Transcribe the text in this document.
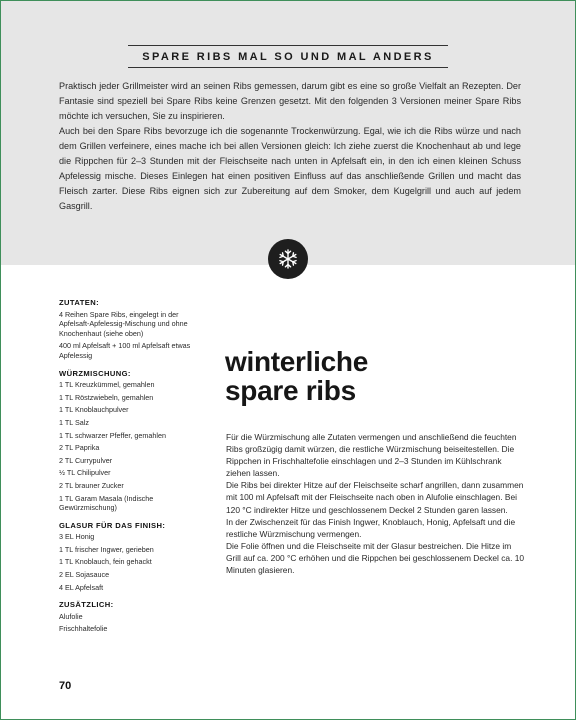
SPARE RIBS MAL SO UND MAL ANDERS

Praktisch jeder Grillmeister wird an seinen Ribs gemessen, darum gibt es eine so große Vielfalt an Rezepten. Der Fantasie sind speziell bei Spare Ribs keine Grenzen gesetzt. Mit den folgenden 3 Versionen meiner Spare Ribs möchte ich versuchen, Sie zu inspirieren.

Auch bei den Spare Ribs bevorzuge ich die sogenannte Trockenwürzung. Egal, wie ich die Ribs würze und nach dem Grillen verfeinere, eines mache ich bei allen Versionen gleich: Ich ziehe zuerst die Knochenhaut ab und lege die Rippchen für 2–3 Stunden mit der Fleischseite nach unten in Apfelsaft ein, in den ich einen kleinen Schuss Apfelessig mische. Dieses Einlegen hat einen positiven Einfluss auf das anschließende Grillen und macht das Fleisch zarter. Diese Ribs eignen sich zur Zubereitung auf dem Smoker, dem Kugelgrill und auch auf jedem Gasgrill.

ZUTATEN:
4 Reihen Spare Ribs, eingelegt in der Apfelsaft-Apfelessig-Mischung und ohne Knochenhaut (siehe oben)
400 ml Apfelsaft + 100 ml Apfelsaft etwas Apfelessig
WÜRZMISCHUNG:
1 TL Kreuzkümmel, gemahlen
1 TL Röstzwiebeln, gemahlen
1 TL Knoblauchpulver
1 TL Salz
1 TL schwarzer Pfeffer, gemahlen
2 TL Paprika
2 TL Currypulver
½ TL Chilipulver
2 TL brauner Zucker
1 TL Garam Masala (Indische Gewürzmischung)
GLASUR FÜR DAS FINISH:
3 EL Honig
1 TL frischer Ingwer, gerieben
1 TL Knoblauch, fein gehackt
2 EL Sojasauce
4 EL Apfelsaft
ZUSÄTZLICH:
Alufolie
Frischhaltefolie
winterliche
spare ribs

Für die Würzmischung alle Zutaten vermengen und anschließend die feuchten Ribs großzügig damit würzen, die restliche Würzmischung beiseitestellen. Die Rippchen in Frischhaltefolie einschlagen und 2–3 Stunden im Kühlschrank ziehen lassen.

Die Ribs bei direkter Hitze auf der Fleischseite scharf angrillen, dann zusammen mit 100 ml Apfelsaft mit der Fleischseite nach oben in Alufolie einschlagen. Bei 120 °C indirekter Hitze und geschlossenem Deckel 2 Stunden garen lassen.

In der Zwischenzeit für das Finish Ingwer, Knoblauch, Honig, Apfelsaft und die restliche Würzmischung vermengen.

Die Folie öffnen und die Fleischseite mit der Glasur bestreichen. Die Hitze im Grill auf ca. 200 °C erhöhen und die Rippchen bei geschlossenem Deckel ca. 10 Minuten glasieren.

70
